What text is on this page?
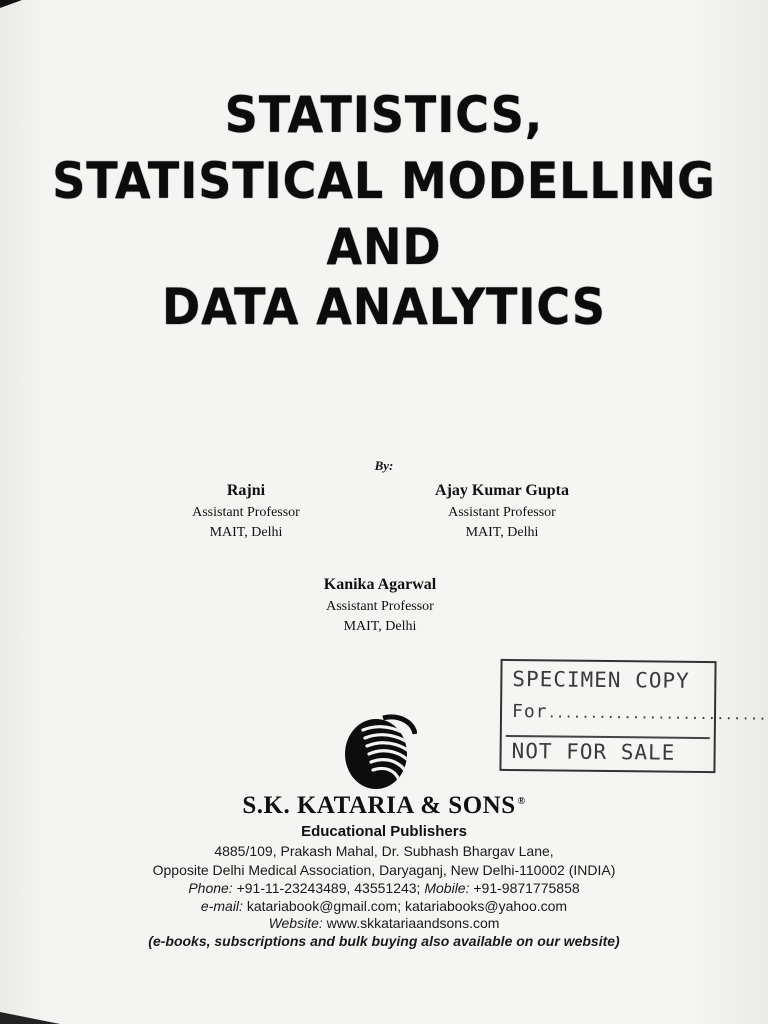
STATISTICS,
STATISTICAL MODELLING
AND
DATA ANALYTICS
By:
Rajni
Assistant Professor
MAIT, Delhi
Ajay Kumar Gupta
Assistant Professor
MAIT, Delhi
Kanika Agarwal
Assistant Professor
MAIT, Delhi
SPECIMEN COPY
For..........................
NOT FOR SALE
S.K. KATARIA & SONS ®
Educational Publishers
4885/109, Prakash Mahal, Dr. Subhash Bhargav Lane,
Opposite Delhi Medical Association, Daryaganj, New Delhi-110002 (INDIA)
Phone: +91-11-23243489, 43551243; Mobile: +91-9871775858
e-mail: katariabook@gmail.com; katariabooks@yahoo.com
Website: www.skkatariaandsons.com
(e-books, subscriptions and bulk buying also available on our website)
